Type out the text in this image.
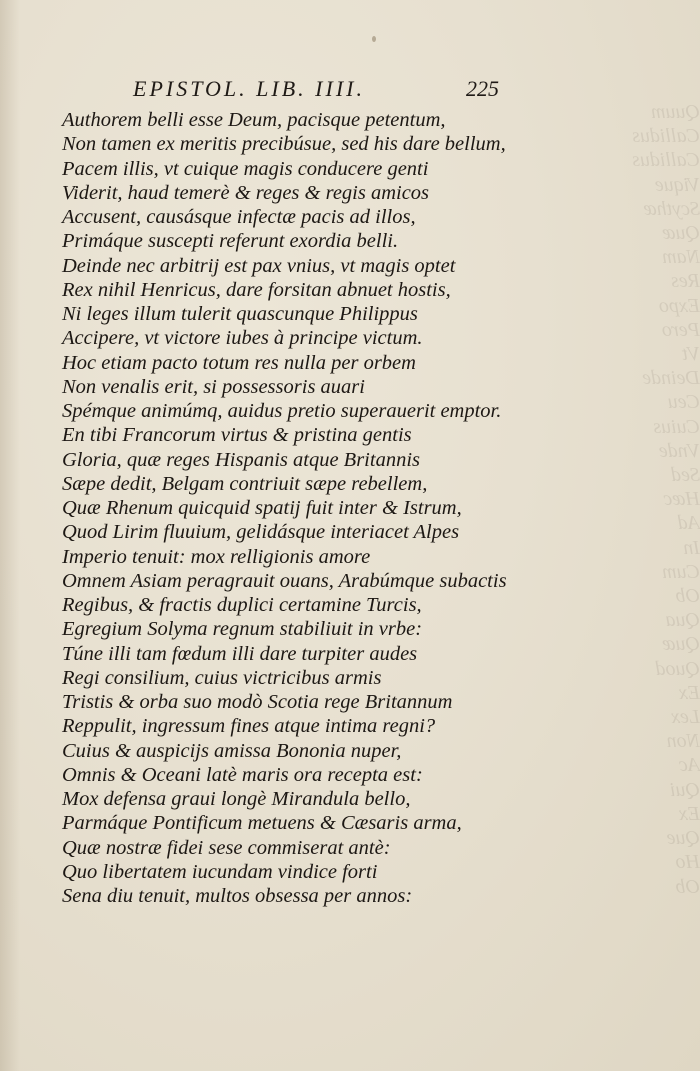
Quum
Callidus
Callidus
Vique
Scythæ
Quæ
Nam
Res
Expo
Pero
Vt
Deinde
Ceu
Cuius
Vnde
Sed
Hæc
Ad
In
Cum
Ob
Qua
Quæ
Quod
Ex
Lex
Non
Ac
Qui
Ex
Que
Ho
Ob
EPISTOL. LIB. IIII.	225
Authorem belli esse Deum, pacisque petentum,
Non tamen ex meritis precibúsue, sed his dare bellum,
Pacem illis, vt cuique magis conducere genti
Viderit, haud temerè & reges & regis amicos
Accusent, causásque infectæ pacis ad illos,
Primáque suscepti referunt exordia belli.
Deinde nec arbitrij est pax vnius, vt magis optet
Rex nihil Henricus, dare forsitan abnuet hostis,
Ni leges illum tulerit quascunque Philippus
Accipere, vt victore iubes à principe victum.
Hoc etiam pacto totum res nulla per orbem
Non venalis erit, si possessoris auari
Spémque animúmq, auidus pretio superauerit emptor.
En tibi Francorum virtus & pristina gentis
Gloria, quæ reges Hispanis atque Britannis
Sæpe dedit, Belgam contriuit sæpe rebellem,
Quæ Rhenum quicquid spatij fuit inter & Istrum,
Quod Lirim fluuium, gelidásque interiacet Alpes
Imperio tenuit: mox relligionis amore
Omnem Asiam peragrauit ouans, Arabúmque subactis
Regibus, & fractis duplici certamine Turcis,
Egregium Solyma regnum stabiliuit in vrbe:
Túne illi tam fœdum illi dare turpiter audes
Regi consilium, cuius victricibus armis
Tristis & orba suo modò Scotia rege Britannum
Reppulit, ingressum fines atque intima regni?
Cuius & auspicijs amissa Bononia nuper,
Omnis & Oceani latè maris ora recepta est:
Mox defensa graui longè Mirandula bello,
Parmáque Pontificum metuens & Cæsaris arma,
Quæ nostræ fidei sese commiserat antè:
Quo libertatem iucundam vindice forti
Sena diu tenuit, multos obsessa per annos:
